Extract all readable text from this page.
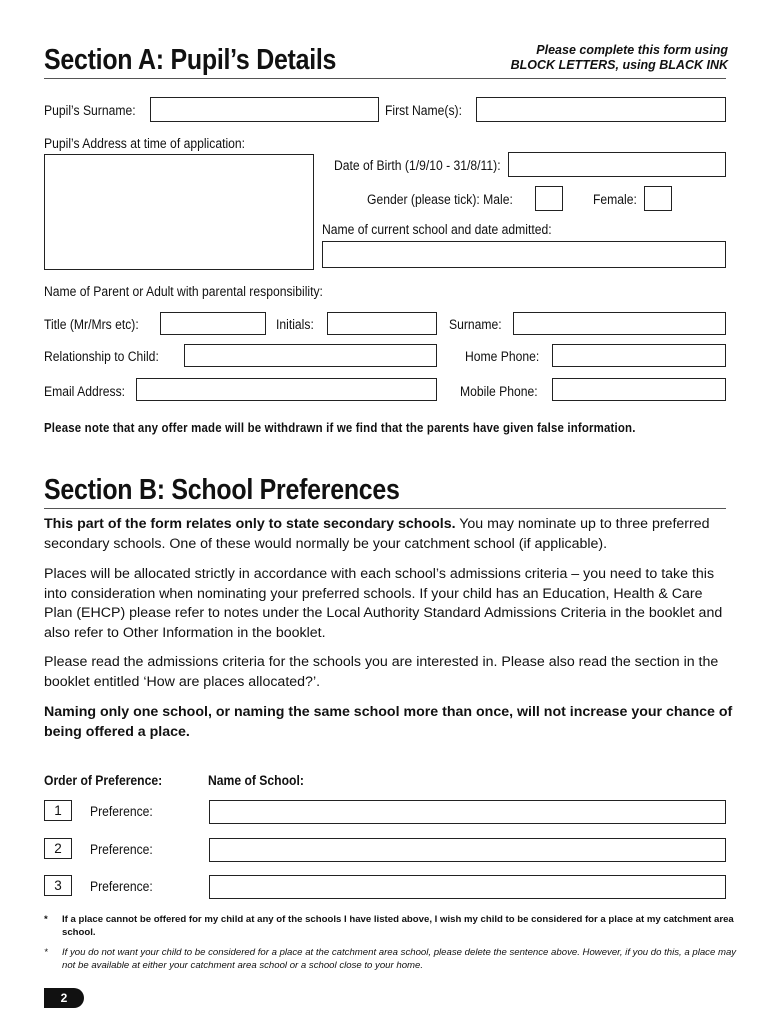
Section A: Pupil’s Details	Please complete this form using
BLOCK LETTERS, using BLACK INK
Pupil’s Surname:	First Name(s):
Pupil’s Address at time of application:
Date of Birth (1/9/10 - 31/8/11):
Gender (please tick): Male:	Female:
Name of current school and date admitted:
Name of Parent or Adult with parental responsibility:
Title (Mr/Mrs etc):	Initials:	Surname:
Relationship to Child:	Home Phone:
Email Address:	Mobile Phone:
Please note that any offer made will be withdrawn if we find that the parents have given false information.
Section B: School Preferences
This part of the form relates only to state secondary schools. You may nominate up to three preferred secondary schools. One of these would normally be your catchment school (if applicable).
Places will be allocated strictly in accordance with each school’s admissions criteria – you need to take this into consideration when nominating your preferred schools. If your child has an Education, Health & Care Plan (EHCP) please refer to notes under the Local Authority Standard Admissions Criteria in the booklet and also refer to Other Information in the booklet.
Please read the admissions criteria for the schools you are interested in. Please also read the section in the booklet entitled ‘How are places allocated?’.
Naming only one school, or naming the same school more than once, will not increase your chance of being offered a place.
Order of Preference:	Name of School:
1	Preference:
2	Preference:
3	Preference:
* If a place cannot be offered for my child at any of the schools I have listed above, I wish my child to be considered for a place at my catchment area school.
* If you do not want your child to be considered for a place at the catchment area school, please delete the sentence above. However, if you do this, a place may not be available at either your catchment area school or a school close to your home.
2
